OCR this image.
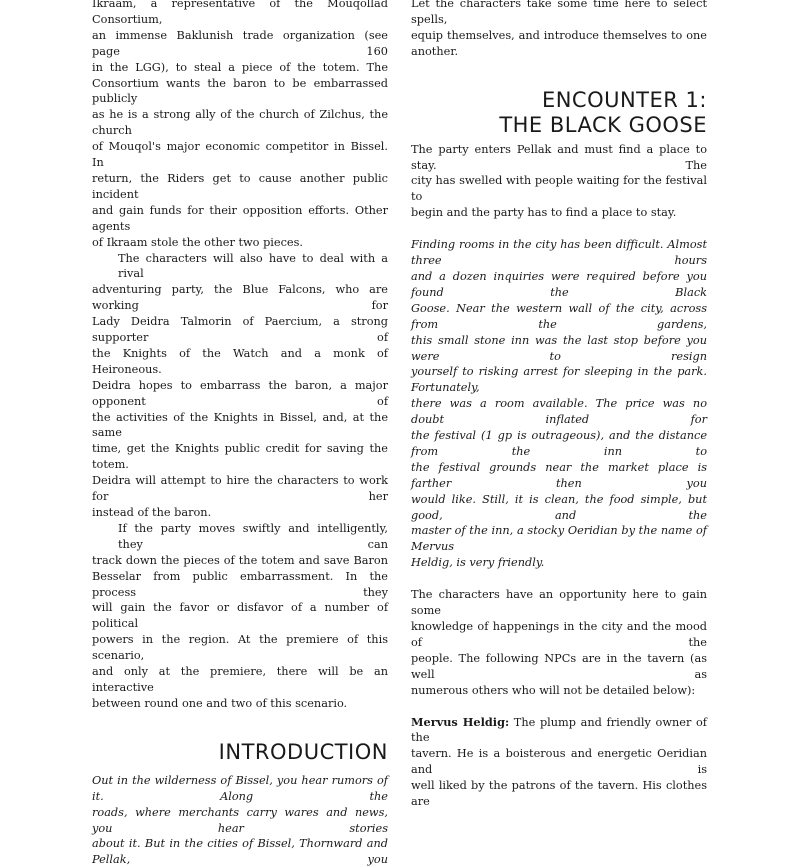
Ikraam, a representative of the Mouqollad Consortium,
an immense Baklunish trade organization (see page 160
in the LGG), to steal a piece of the totem. The
Consortium wants the baron to be embarrassed publicly
as he is a strong ally of the church of Zilchus, the church
of Mouqol's major economic competitor in Bissel. In
return, the Riders get to cause another public incident
and gain funds for their opposition efforts. Other agents
of Ikraam stole the other two pieces.
The characters will also have to deal with a rival
adventuring party, the Blue Falcons, who are working for
Lady Deidra Talmorin of Paercium, a strong supporter of
the Knights of the Watch and a monk of Heironeous.
Deidra hopes to embarrass the baron, a major opponent of
the activities of the Knights in Bissel, and, at the same
time, get the Knights public credit for saving the totem.
Deidra will attempt to hire the characters to work for her
instead of the baron.
If the party moves swiftly and intelligently, they can
track down the pieces of the totem and save Baron
Besselar from public embarrassment. In the process they
will gain the favor or disfavor of a number of political
powers in the region. At the premiere of this scenario,
and only at the premiere, there will be an interactive
between round one and two of this scenario.
INTRODUCTION
Out in the wilderness of Bissel, you hear rumors of it. Along the
roads, where merchants carry wares and news, you hear stories
about it. But in the cities of Bissel, Thornward and Pellak, you
Let the characters take some time here to select spells,
equip themselves, and introduce themselves to one
another.
ENCOUNTER 1:
THE BLACK GOOSE
The party enters Pellak and must find a place to stay. The
city has swelled with people waiting for the festival to
begin and the party has to find a place to stay.
Finding rooms in the city has been difficult. Almost three hours
and a dozen inquiries were required before you found the Black
Goose. Near the western wall of the city, across from the gardens,
this small stone inn was the last stop before you were to resign
yourself to risking arrest for sleeping in the park. Fortunately,
there was a room available. The price was no doubt inflated for
the festival (1 gp is outrageous), and the distance from the inn to
the festival grounds near the market place is farther then you
would like. Still, it is clean, the food simple, but good, and the
master of the inn, a stocky Oeridian by the name of Mervus
Heldig, is very friendly.
The characters have an opportunity here to gain some
knowledge of happenings in the city and the mood of the
people. The following NPCs are in the tavern (as well as
numerous others who will not be detailed below):
Mervus Heldig: The plump and friendly owner of the
tavern. He is a boisterous and energetic Oeridian and is
well liked by the patrons of the tavern. His clothes are
